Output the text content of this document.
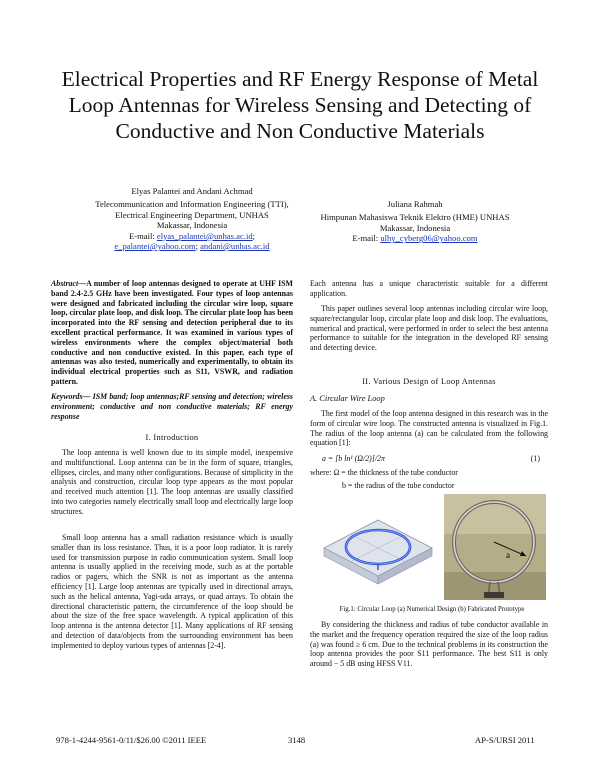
Electrical Properties and RF Energy Response of Metal Loop Antennas for Wireless Sensing and Detecting of Conductive and Non Conductive Materials
Elyas Palantei and Andani Achmad
Telecommunication and Information Engineering (TTI),
Electrical Engineering Department, UNHAS
Makassar, Indonesia
E-mail: elyas_palantei@unhas.ac.id;
e_palantei@yahoo.com; andani@unhas.ac.id
Juliana Rahmah
Himpunan Mahasiswa Teknik Elektro (HME) UNHAS
Makassar, Indonesia
E-mail: ulhy_cyberg06@yahoo.com
Abstract—A number of loop antennas designed to operate at UHF ISM band 2.4-2.5 GHz have been investigated. Four types of loop antennas were designed and fabricated including the circular wire loop, square loop, circular plate loop, and disk loop. The circular plate loop has been incorporated into the RF sensing and detection peripheral due to its excellent practical performance. It was examined in various types of wireless environments where the complex object/material both conductive and non conductive existed. In this paper, each type of antennas was also tested, numerically and experimentally, to obtain its individual electrical properties such as S11, VSWR, and radiation pattern.
Keywords— ISM band; loop antennas;RF sensing and detection; wireless environment; conductive and non conductive materials; RF energy response
I. Introduction
The loop antenna is well known due to its simple model, inexpensive and multifunctional. Loop antenna can be in the form of square, triangles, ellipses, circles, and many other configurations. Because of simplicity in the analysis and construction, circular loop type appears as the most popular and received much attention [1]. The loop antennas are usually classified into two categories namely electrically small loop and electrically large loop structures.
Small loop antenna has a small radiation resistance which is usually smaller than its loss resistance. Thus, it is a poor loop radiator. It is rarely used for transmission purpose in radio communication system. Small loop antenna is usually applied in the receiving mode, such as at the portable radios or pagers, which the SNR is not as important as the antenna efficiency [1]. Large loop antennas are typically used in directional arrays, such as the helical antenna, Yagi-uda arrays, or quad arrays. To obtain the directional characteristic pattern, the circumference of the loop should be about the size of the free space wavelength. A typical application of this loop antenna is the antenna detector [1]. Many applications of RF sensing and detection of data/objects from the surrounding environment has been implemented to deploy various types of antennas [2-4].
Each antenna has a unique characteristic suitable for a different application.
This paper outlines several loop antennas including circular wire loop, square/rectangular loop, circular plate loop and disk loop. The evaluations, numerical and practical, were performed in order to select the best antenna performance to suitable for the integration in the developed RF sensing and detecting device.
II. Various Design of Loop Antennas
A. Circular Wire Loop
The first model of the loop antenna designed in this research was in the form of circular wire loop. The constructed antenna is visualized in Fig.1. The radius of the loop antenna (a) can be calculated from the following equation [1]:
a = [b ln¹ (Ω/2)]/2π	(1)
where: Ω = the thickness of the tube conductor
b = the radius of the tube conductor
a
Fig.1: Circular Loop (a) Numerical Design (b) Fabricated Prototype
By considering the thickness and radius of tube conductor available in the market and the frequency operation required the size of the loop radius (a) was found ≥ 6 cm. Due to the technical problems in its construction the loop antenna provides the poor S11 performance. The best S11 is only around − 5 dB using HFSS V11.
978-1-4244-9561-0/11/$26.00 ©2011 IEEE	3148	AP-S/URSI 2011
